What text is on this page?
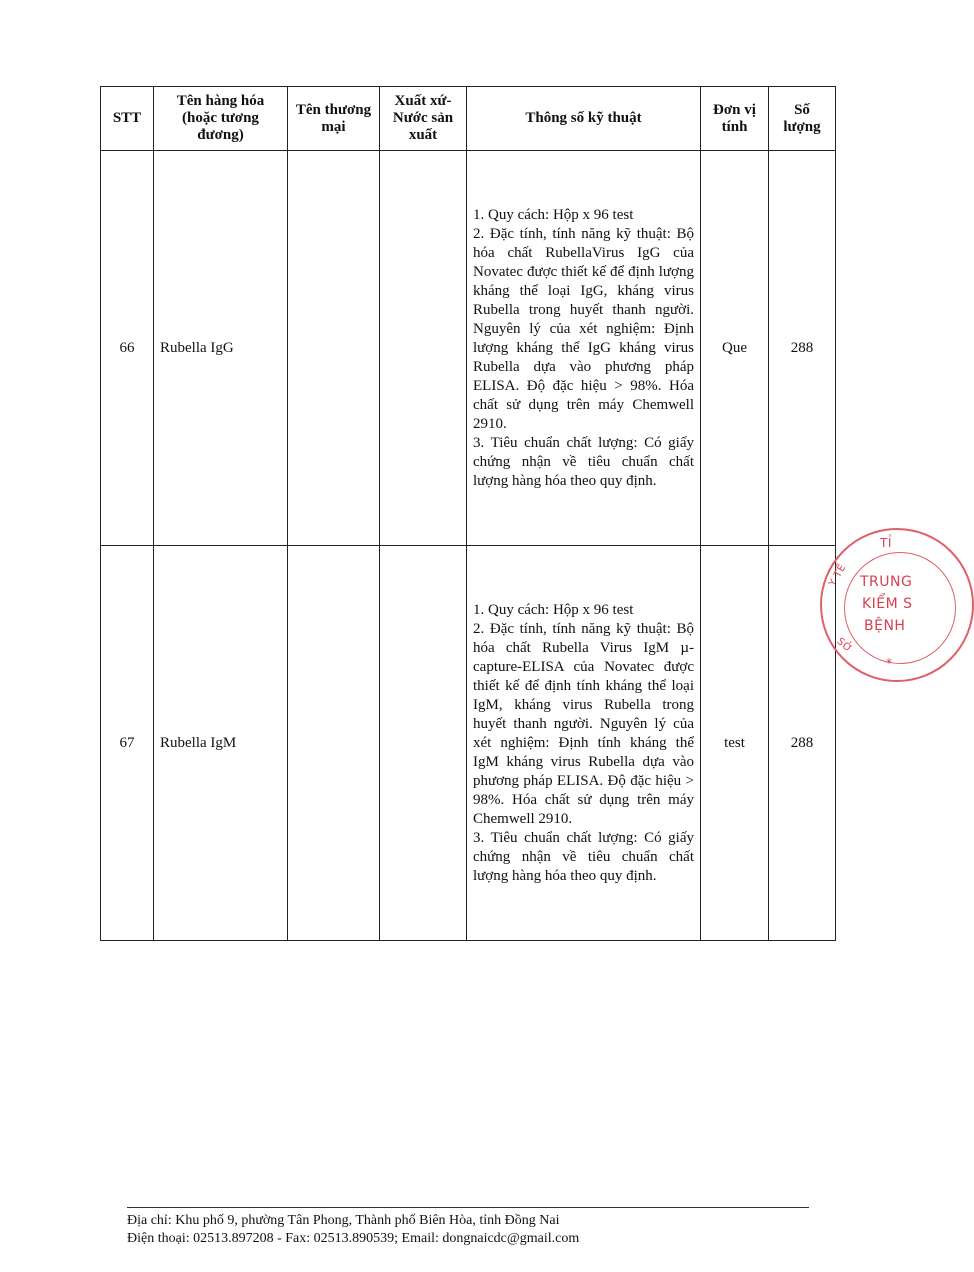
STT	Tên hàng hóa (hoặc tương đương)	Tên thương mại	Xuất xứ- Nước sản xuất	Thông số kỹ thuật	Đơn vị tính	Số lượng
66	Rubella IgG			1. Quy cách: Hộp x 96 test
2. Đặc tính, tính năng kỹ thuật: Bộ hóa chất RubellaVirus IgG của Novatec được thiết kế để định lượng kháng thể loại IgG, kháng virus Rubella trong huyết thanh người. Nguyên lý của xét nghiệm: Định lượng kháng thể IgG kháng virus Rubella dựa vào phương pháp ELISA. Độ đặc hiệu > 98%. Hóa chất sử dụng trên máy Chemwell 2910.
3. Tiêu chuẩn chất lượng: Có giấy chứng nhận về tiêu chuẩn chất lượng hàng hóa theo quy định.	Que	288
67	Rubella IgM			1. Quy cách: Hộp x 96 test
2. Đặc tính, tính năng kỹ thuật: Bộ hóa chất Rubella Virus IgM µ-capture-ELISA của Novatec được thiết kế để định tính kháng thể loại IgM, kháng virus Rubella trong huyết thanh người. Nguyên lý của xét nghiệm: Định tính kháng thể IgM kháng virus Rubella dựa vào phương pháp ELISA. Độ đặc hiệu > 98%. Hóa chất sử dụng trên máy Chemwell 2910.
3. Tiêu chuẩn chất lượng: Có giấy chứng nhận về tiêu chuẩn chất lượng hàng hóa theo quy định.	test	288
TỈ
TRUNG
KIỂM S
BỆNH
Y TẾ
SỞ
*
Địa chỉ: Khu phố 9, phường Tân Phong, Thành phố Biên Hòa, tỉnh Đồng Nai
Điện thoại: 02513.897208 - Fax: 02513.890539; Email: dongnaicdc@gmail.com
